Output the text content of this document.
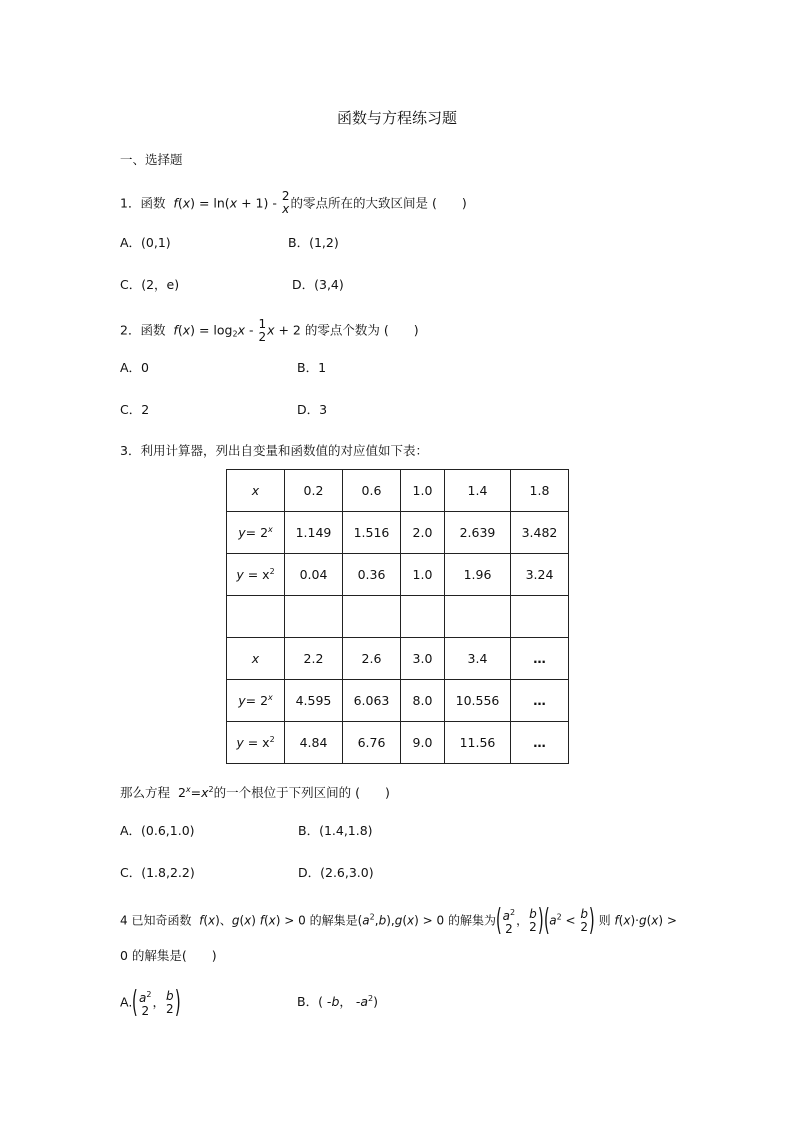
函数与方程练习题
一、选择题
1．函数 f(x) = ln(x + 1) - 2
x 的零点所在的大致区间是 (　　)
A．(0,1)	B．(1,2)
C．(2，e)	D．(3,4)
2．函数 $f(x) = \log_2x - 1$
2 x + 2 的零点个数为 (　　)
A．0	B．1
C．2	D．3
3．利用计算器，列出自变量和函数值的对应值如下表：
x	0.2	0.6	1.0	1.4	1.8
$y= 2^x$	1.149	1.516	2.0	2.639	3.482
$y = x^2$	0.04	0.36	1.0	1.96	3.24

x	2.2	2.6	3.0	3.4	…
$y= 2^x$	4.595	6.063	8.0	10.556	…
$y = x^2$	4.84	6.76	9.0	11.56	…
那么方程 $2^x=x^2$的一个根位于下列区间的 (　　)
A．(0.6,1.0)	B．(1.4,1.8)
C．(1.8,2.2)	D．(2.6,3.0)
4 已知奇函数 f(x)、g(x) f(x) > 0 的解集是$(a^2,b),g(x) > 0$ 的解集为( $a^2$
2
， b
2 )($a^2 < b$
2 ) 则 f(x)·g(x) >
0 的解集是(　　)
A.( $a^2$
2
， b
2 )	B．( -b， $-a^2$)
